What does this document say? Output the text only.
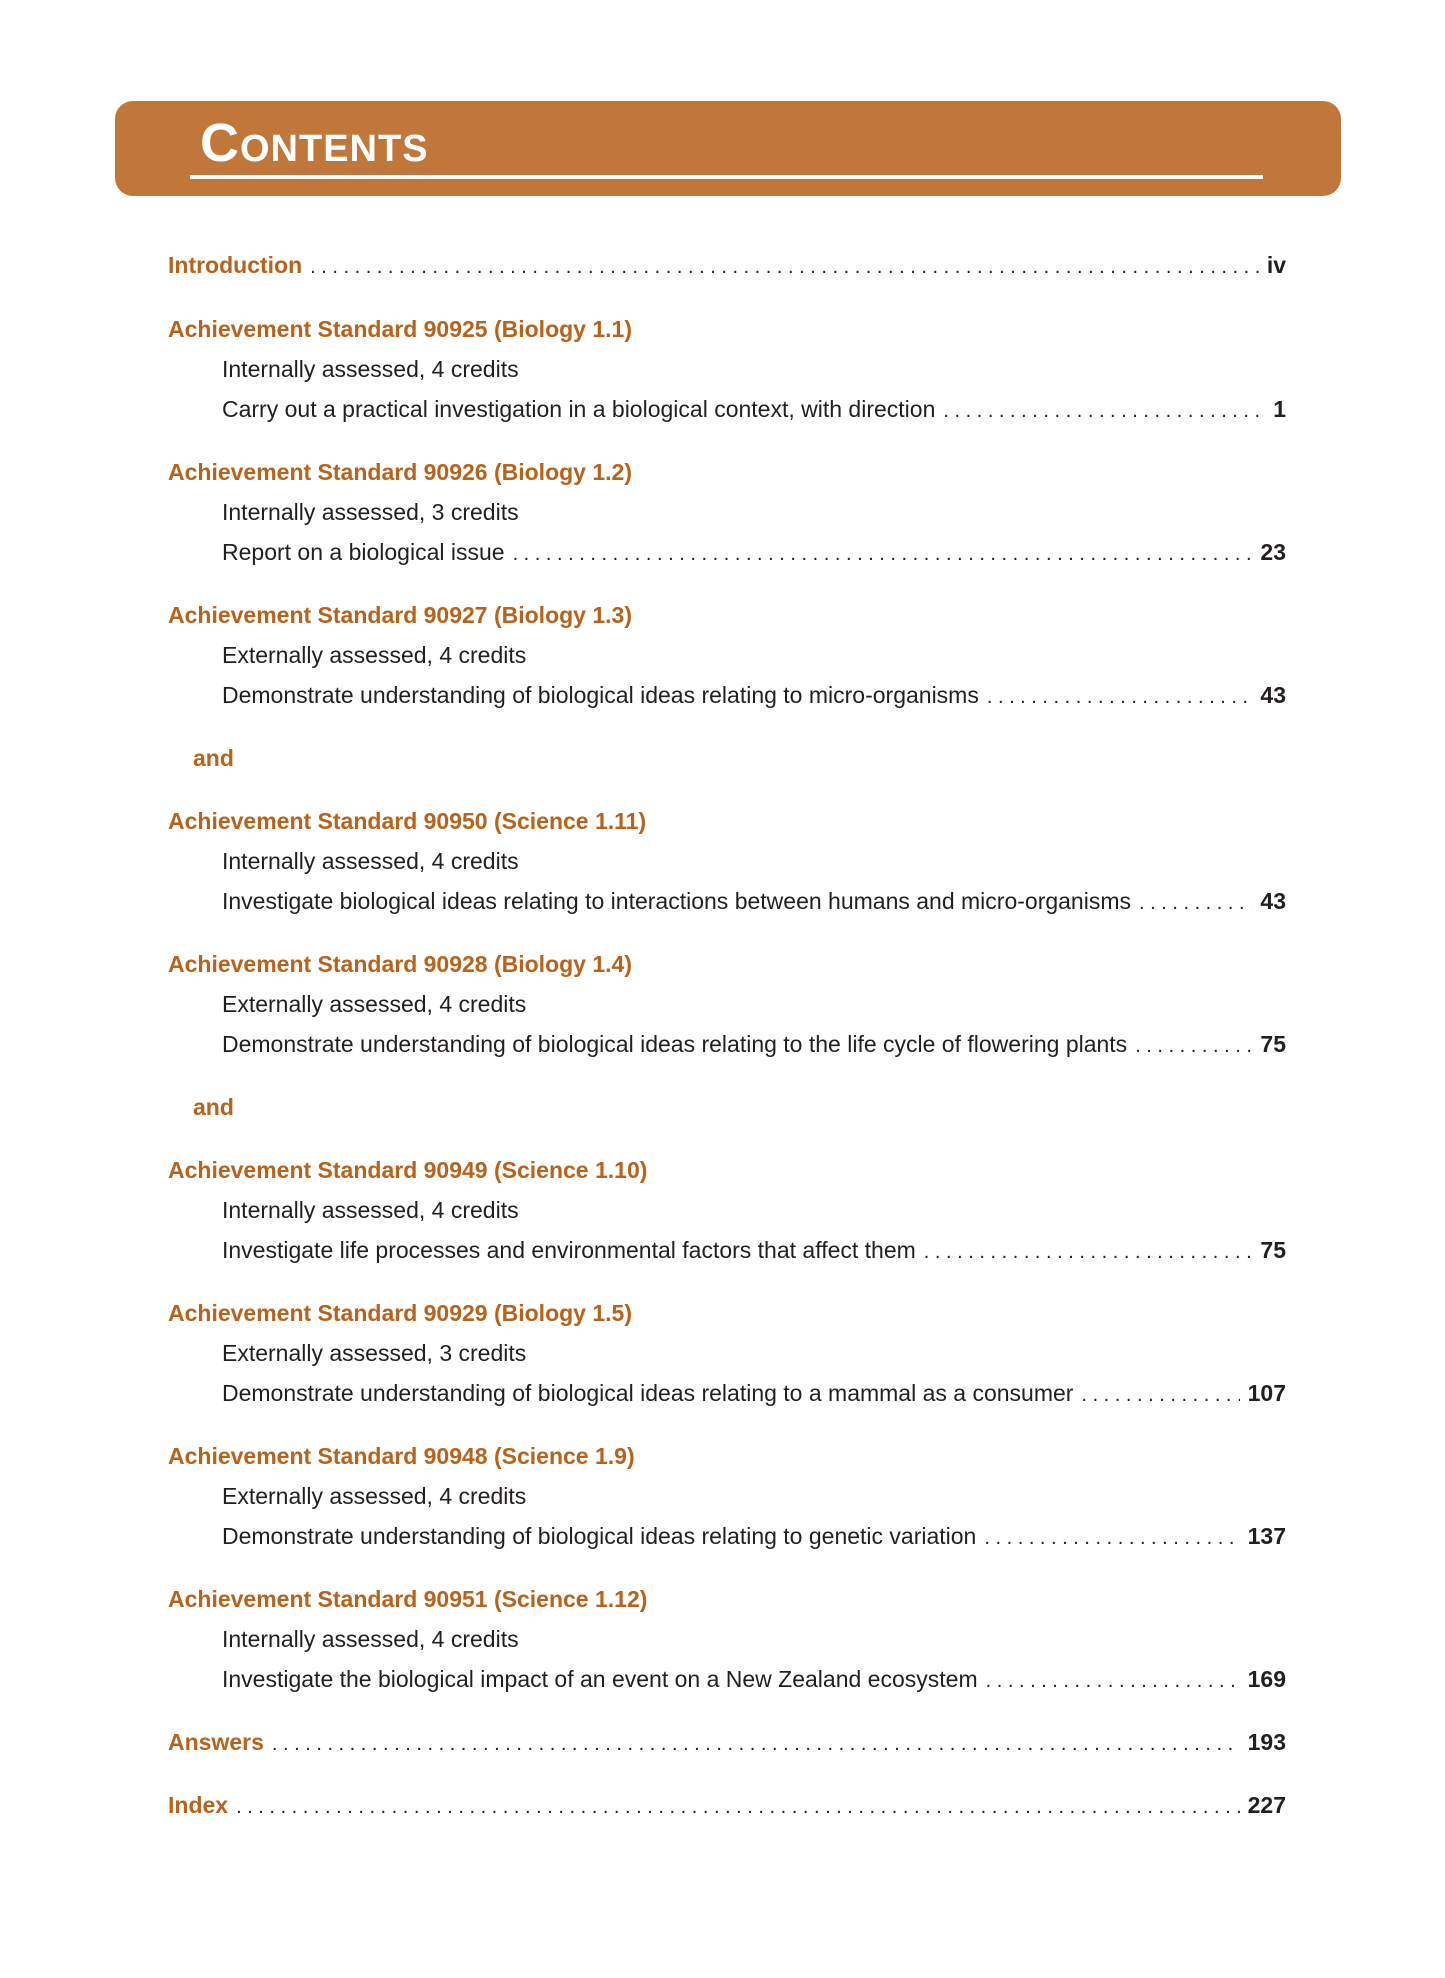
Contents
Introduction . . .	iv
Achievement Standard 90925 (Biology 1.1)
Internally assessed, 4 credits
Carry out a practical investigation in a biological context, with direction . . .	1
Achievement Standard 90926 (Biology 1.2)
Internally assessed, 3 credits
Report on a biological issue . . .	23
Achievement Standard 90927 (Biology 1.3)
Externally assessed, 4 credits
Demonstrate understanding of biological ideas relating to micro-organisms . . .	43
and
Achievement Standard 90950 (Science 1.11)
Internally assessed, 4 credits
Investigate biological ideas relating to interactions between humans and micro-organisms . . .	43
Achievement Standard 90928 (Biology 1.4)
Externally assessed, 4 credits
Demonstrate understanding of biological ideas relating to the life cycle of flowering plants . . .	75
and
Achievement Standard 90949 (Science 1.10)
Internally assessed, 4 credits
Investigate life processes and environmental factors that affect them . . .	75
Achievement Standard 90929 (Biology 1.5)
Externally assessed, 3 credits
Demonstrate understanding of biological ideas relating to a mammal as a consumer . . .	107
Achievement Standard 90948 (Science 1.9)
Externally assessed, 4 credits
Demonstrate understanding of biological ideas relating to genetic variation . . .	137
Achievement Standard 90951 (Science 1.12)
Internally assessed, 4 credits
Investigate the biological impact of an event on a New Zealand ecosystem . . .	169
Answers . . .	193
Index . . .	227
